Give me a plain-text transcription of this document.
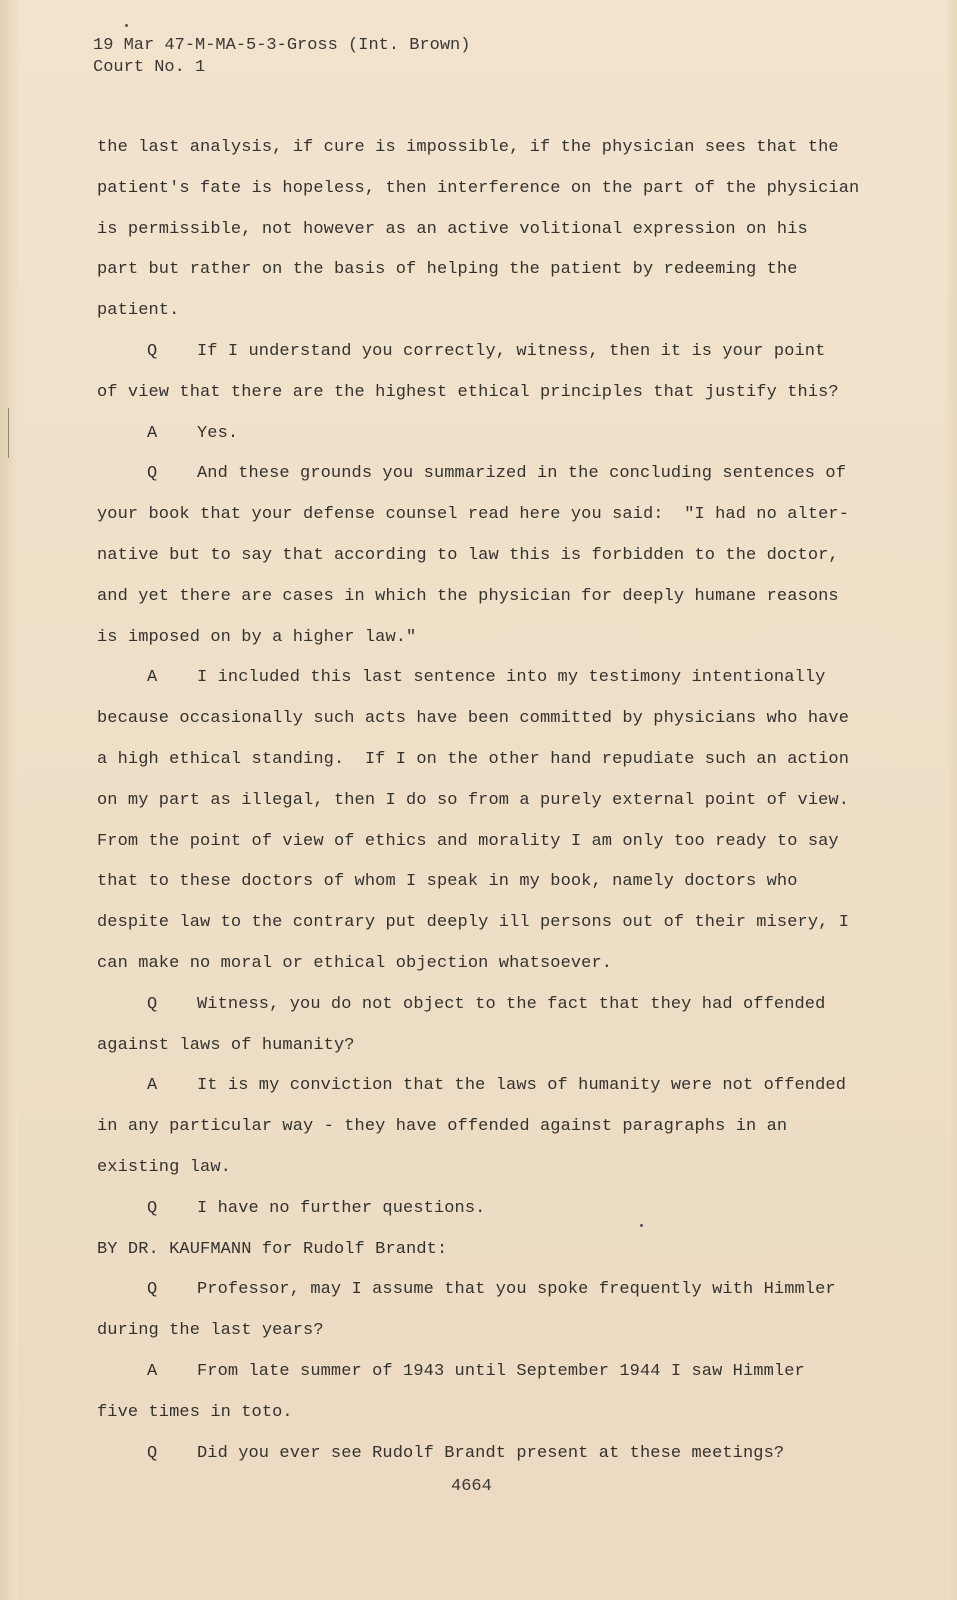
19 Mar 47-M-MA-5-3-Gross (Int. Brown)
Court No. 1
the last analysis, if cure is impossible, if the physician sees that the
patient's fate is hopeless, then interference on the part of the physician
is permissible, not however as an active volitional expression on his
part but rather on the basis of helping the patient by redeeming the
patient.
Q If I understand you correctly, witness, then it is your point
of view that there are the highest ethical principles that justify this?
A Yes.
Q And these grounds you summarized in the concluding sentences of
your book that your defense counsel read here you said:  "I had no alter-
native but to say that according to law this is forbidden to the doctor,
and yet there are cases in which the physician for deeply humane reasons
is imposed on by a higher law."
A I included this last sentence into my testimony intentionally
because occasionally such acts have been committed by physicians who have
a high ethical standing.  If I on the other hand repudiate such an action
on my part as illegal, then I do so from a purely external point of view.
From the point of view of ethics and morality I am only too ready to say
that to these doctors of whom I speak in my book, namely doctors who
despite law to the contrary put deeply ill persons out of their misery, I
can make no moral or ethical objection whatsoever.
Q Witness, you do not object to the fact that they had offended
against laws of humanity?
A It is my conviction that the laws of humanity were not offended
in any particular way - they have offended against paragraphs in an
existing law.
Q I have no further questions.
BY DR. KAUFMANN for Rudolf Brandt:
Q Professor, may I assume that you spoke frequently with Himmler
during the last years?
A From late summer of 1943 until September 1944 I saw Himmler
five times in toto.
Q Did you ever see Rudolf Brandt present at these meetings?
4664
